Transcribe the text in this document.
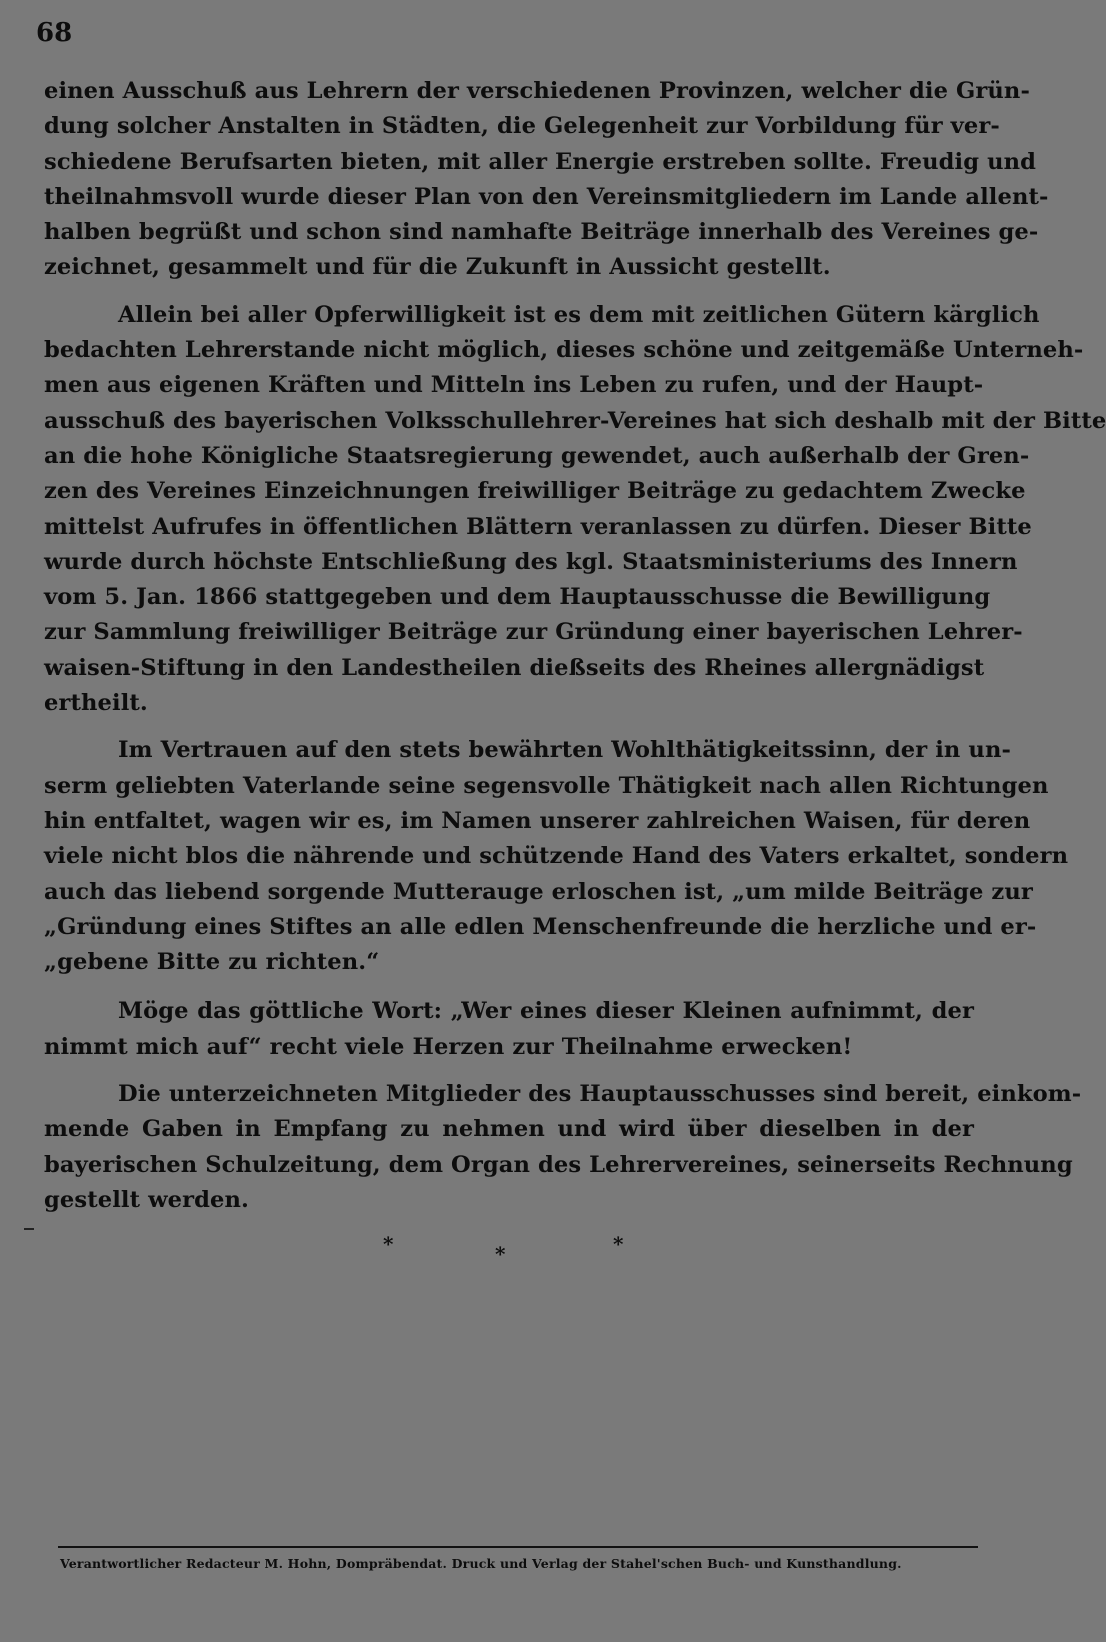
68

einen Ausschuß aus Lehrern der verschiedenen Provinzen, welcher die Grün-
dung solcher Anstalten in Städten, die Gelegenheit zur Vorbildung für ver-
schiedene Berufsarten bieten, mit aller Energie erstreben sollte. Freudig und
theilnahmsvoll wurde dieser Plan von den Vereinsmitgliedern im Lande allent-
halben begrüßt und schon sind namhafte Beiträge innerhalb des Vereines ge-
zeichnet, gesammelt und für die Zukunft in Aussicht gestellt.

Allein bei aller Opferwilligkeit ist es dem mit zeitlichen Gütern kärglich
bedachten Lehrerstande nicht möglich, dieses schöne und zeitgemäße Unterneh-
men aus eigenen Kräften und Mitteln ins Leben zu rufen, und der Haupt-
ausschuß des bayerischen Volksschullehrer-Vereines hat sich deshalb mit der Bitte
an die hohe Königliche Staatsregierung gewendet, auch außerhalb der Gren-
zen des Vereines Einzeichnungen freiwilliger Beiträge zu gedachtem Zwecke
mittelst Aufrufes in öffentlichen Blättern veranlassen zu dürfen. Dieser Bitte
wurde durch höchste Entschließung des kgl. Staatsministeriums des Innern
vom 5. Jan. 1866 stattgegeben und dem Hauptausschusse die Bewilligung
zur Sammlung freiwilliger Beiträge zur Gründung einer bayerischen Lehrer-
waisen-Stiftung in den Landestheilen dießseits des Rheines allergnädigst
ertheilt.

Im Vertrauen auf den stets bewährten Wohlthätigkeitssinn, der in un-
serm geliebten Vaterlande seine segensvolle Thätigkeit nach allen Richtungen
hin entfaltet, wagen wir es, im Namen unserer zahlreichen Waisen, für deren
viele nicht blos die nährende und schützende Hand des Vaters erkaltet, sondern
auch das liebend sorgende Mutterauge erloschen ist, „um milde Beiträge zur
„Gründung eines Stiftes an alle edlen Menschenfreunde die herzliche und er-
„gebene Bitte zu richten.“

Möge das göttliche Wort: „Wer eines dieser Kleinen aufnimmt, der
nimmt mich auf“ recht viele Herzen zur Theilnahme erwecken!

Die unterzeichneten Mitglieder des Hauptausschusses sind bereit, einkom-
mende Gaben in Empfang zu nehmen und wird über dieselben in der
bayerischen Schulzeitung, dem Organ des Lehrervereines, seinerseits Rechnung
gestellt werden.

*	*	*
Verantwortlicher Redacteur M. Hohn, Dompräbendat. Druck und Verlag der Stahel'schen Buch- und Kunsthandlung.
